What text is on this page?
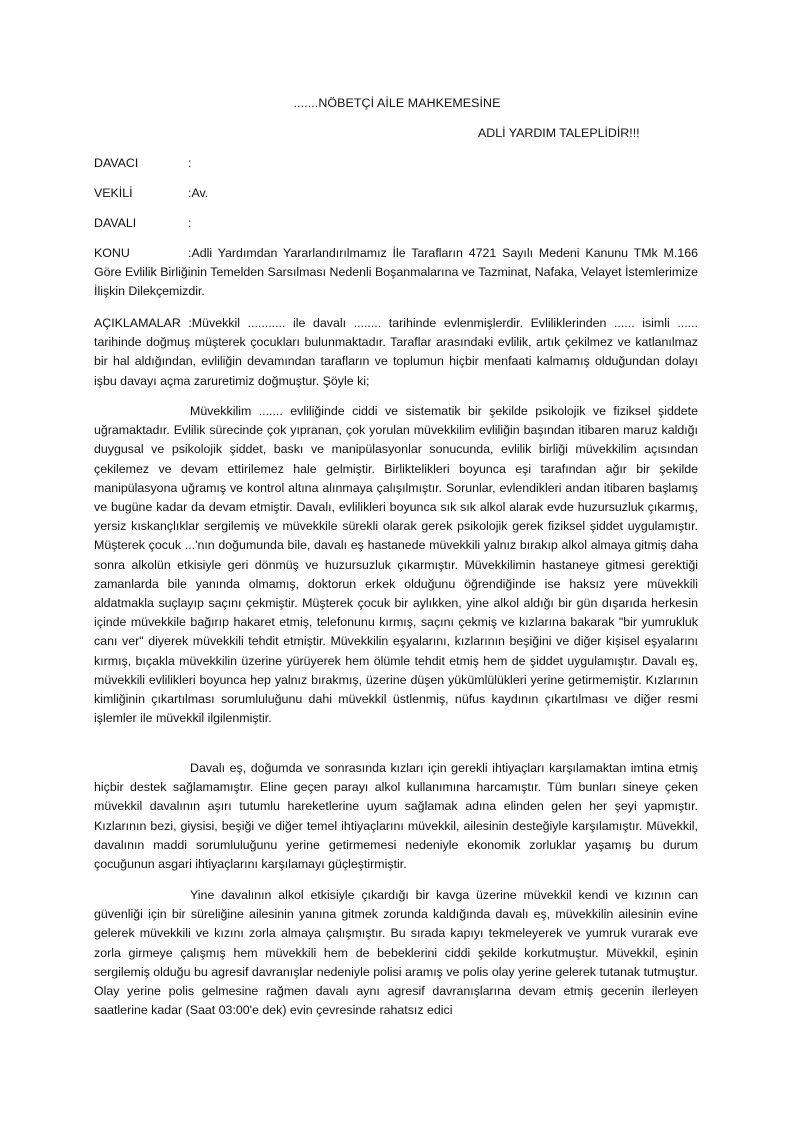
.......NÖBETÇİ AİLE MAHKEMESİNE
ADLİ YARDIM TALEPLİDİR!!!
DAVACI	:
VEKİLİ	:Av.
DAVALI	:
KONU	:Adli Yardımdan Yararlandırılmamız İle Tarafların 4721 Sayılı Medeni Kanunu TMk M.166 Göre Evlilik Birliğinin Temelden Sarsılması Nedenli Boşanmalarına ve Tazminat, Nafaka, Velayet İstemlerimize İlişkin Dilekçemizdir.
AÇIKLAMALAR :Müvekkil ........... ile davalı ........ tarihinde evlenmişlerdir. Evliliklerinden ...... isimli ...... tarihinde doğmuş müşterek çocukları bulunmaktadır. Taraflar arasındaki evlilik, artık çekilmez ve katlanılmaz bir hal aldığından, evliliğin devamından tarafların ve toplumun hiçbir menfaati kalmamış olduğundan dolayı işbu davayı açma zaruretimiz doğmuştur. Şöyle ki;
Müvekkilim ....... evliliğinde ciddi ve sistematik bir şekilde psikolojik ve fiziksel şiddete uğramaktadır. Evlilik sürecinde çok yıpranan, çok yorulan müvekkilim evliliğin başından itibaren maruz kaldığı duygusal ve psikolojik şiddet, baskı ve manipülasyonlar sonucunda, evlilik birliği müvekkilim açısından çekilemez ve devam ettirilemez hale gelmiştir. Birliktelikleri boyunca eşi tarafından ağır bir şekilde manipülasyona uğramış ve kontrol altına alınmaya çalışılmıştır. Sorunlar, evlendikleri andan itibaren başlamış ve bugüne kadar da devam etmiştir. Davalı, evlilikleri boyunca sık sık alkol alarak evde huzursuzluk çıkarmış, yersiz kıskançlıklar sergilemiş ve müvekkile sürekli olarak gerek psikolojik gerek fiziksel şiddet uygulamıştır. Müşterek çocuk ...'nın doğumunda bile, davalı eş hastanede müvekkili yalnız bırakıp alkol almaya gitmiş daha sonra alkolün etkisiyle geri dönmüş ve huzursuzluk çıkarmıştır. Müvekkilimin hastaneye gitmesi gerektiği zamanlarda bile yanında olmamış, doktorun erkek olduğunu öğrendiğinde ise haksız yere müvekkili aldatmakla suçlayıp saçını çekmiştir. Müşterek çocuk bir aylıkken, yine alkol aldığı bir gün dışarıda herkesin içinde müvekkile bağırıp hakaret etmiş, telefonunu kırmış, saçını çekmiş ve kızlarına bakarak "bir yumrukluk canı ver" diyerek müvekkili tehdit etmiştir. Müvekkilin eşyalarını, kızlarının beşiğini ve diğer kişisel eşyalarını kırmış, bıçakla müvekkilin üzerine yürüyerek hem ölümle tehdit etmiş hem de şiddet uygulamıştır. Davalı eş, müvekkili evlilikleri boyunca hep yalnız bırakmış, üzerine düşen yükümlülükleri yerine getirmemiştir. Kızlarının kimliğinin çıkartılması sorumluluğunu dahi müvekkil üstlenmiş, nüfus kaydının çıkartılması ve diğer resmi işlemler ile müvekkil ilgilenmiştir.
Davalı eş, doğumda ve sonrasında kızları için gerekli ihtiyaçları karşılamaktan imtina etmiş hiçbir destek sağlamamıştır. Eline geçen parayı alkol kullanımına harcamıştır. Tüm bunları sineye çeken müvekkil davalının aşırı tutumlu hareketlerine uyum sağlamak adına elinden gelen her şeyi yapmıştır. Kızlarının bezi, giysisi, beşiği ve diğer temel ihtiyaçlarını müvekkil, ailesinin desteğiyle karşılamıştır. Müvekkil, davalının maddi sorumluluğunu yerine getirmemesi nedeniyle ekonomik zorluklar yaşamış bu durum çocuğunun asgari ihtiyaçlarını karşılamayı güçleştirmiştir.
Yine davalının alkol etkisiyle çıkardığı bir kavga üzerine müvekkil kendi ve kızının can güvenliği için bir süreliğine ailesinin yanına gitmek zorunda kaldığında davalı eş, müvekkilin ailesinin evine gelerek müvekkili ve kızını zorla almaya çalışmıştır. Bu sırada kapıyı tekmeleyerek ve yumruk vurarak eve zorla girmeye çalışmış hem müvekkili hem de bebeklerini ciddi şekilde korkutmuştur. Müvekkil, eşinin sergilemiş olduğu bu agresif davranışlar nedeniyle polisi aramış ve polis olay yerine gelerek tutanak tutmuştur. Olay yerine polis gelmesine rağmen davalı aynı agresif davranışlarına devam etmiş gecenin ilerleyen saatlerine kadar (Saat 03:00'e dek) evin çevresinde rahatsız edici
